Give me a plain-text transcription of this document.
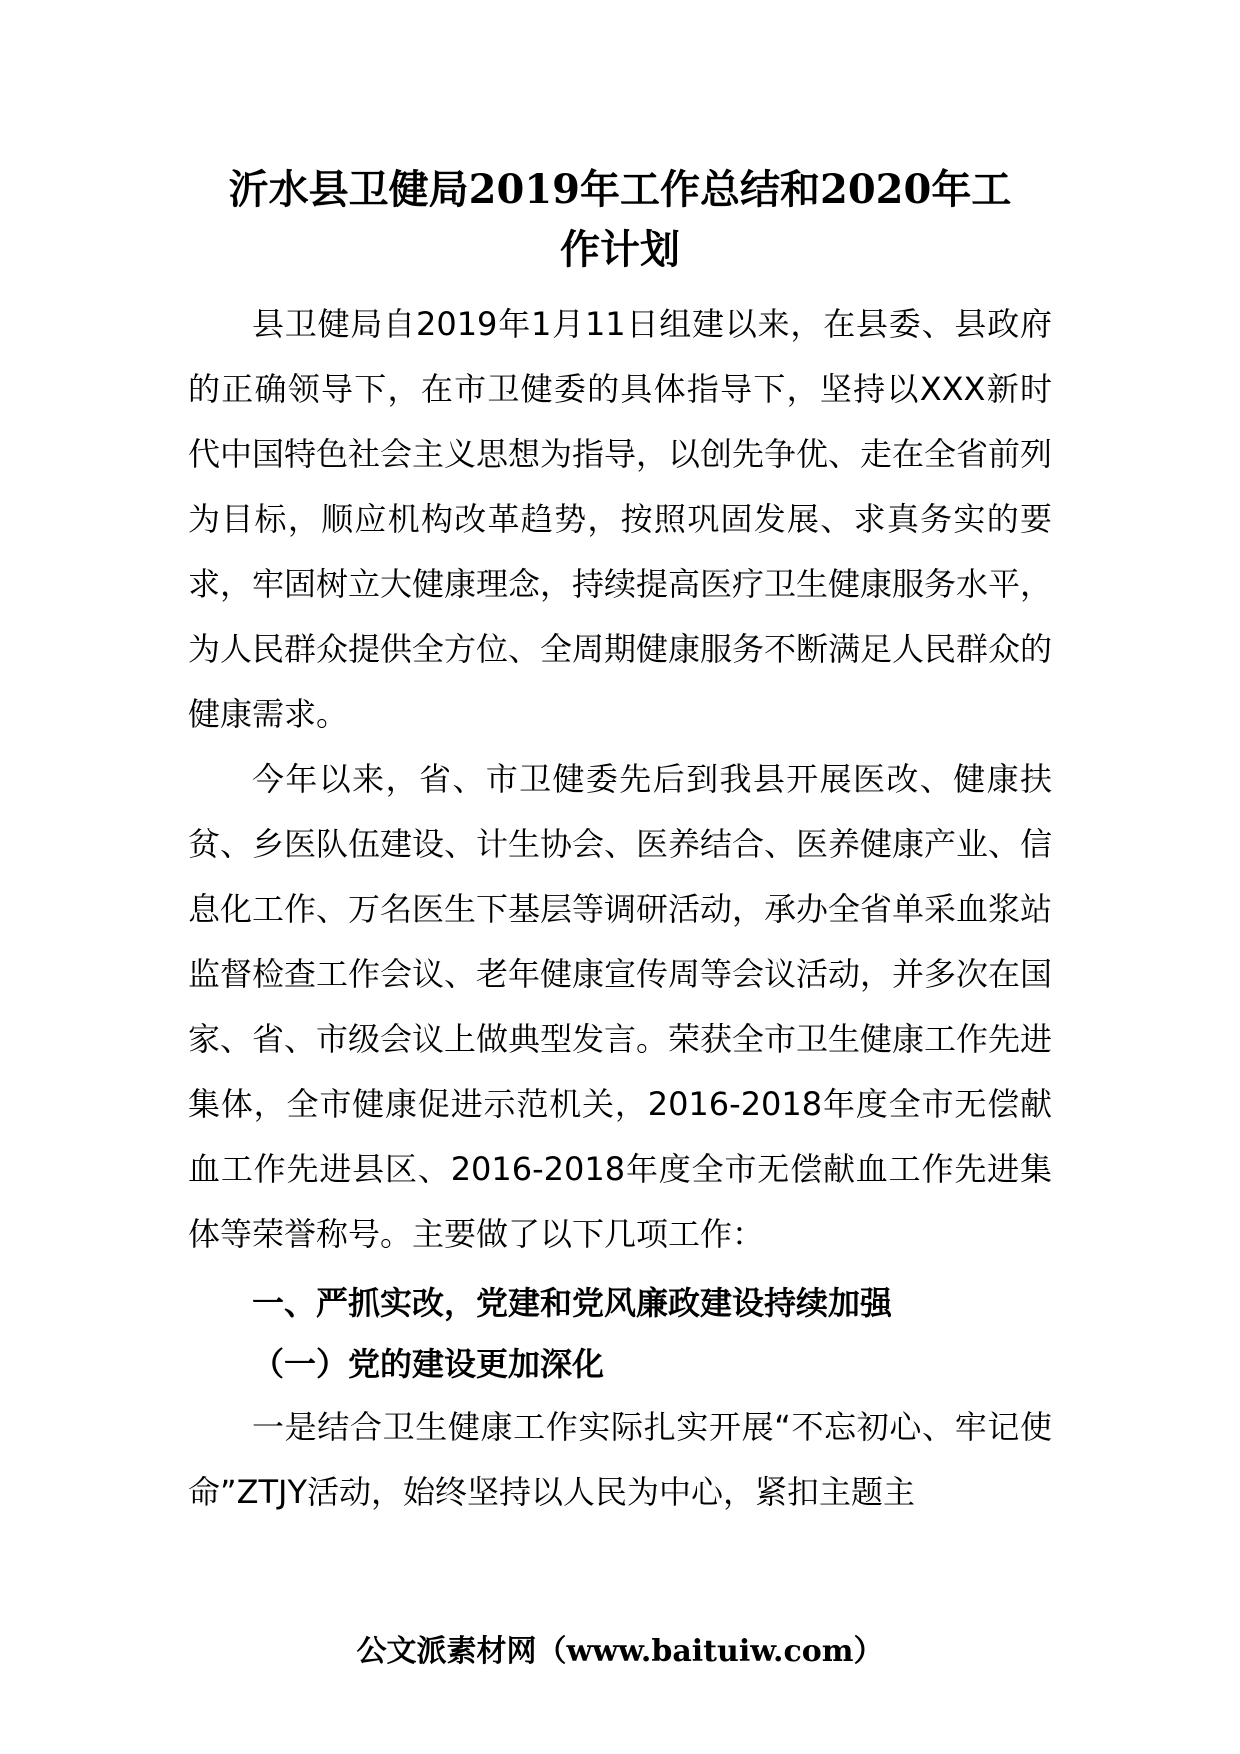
沂水县卫健局2019年工作总结和2020年工
作计划

县卫健局自2019年1月11日组建以来，在县委、县政府的正确领导下，在市卫健委的具体指导下，坚持以XXX新时代中国特色社会主义思想为指导，以创先争优、走在全省前列为目标，顺应机构改革趋势，按照巩固发展、求真务实的要求，牢固树立大健康理念，持续提高医疗卫生健康服务水平，为人民群众提供全方位、全周期健康服务不断满足人民群众的健康需求。

今年以来，省、市卫健委先后到我县开展医改、健康扶贫、乡医队伍建设、计生协会、医养结合、医养健康产业、信息化工作、万名医生下基层等调研活动，承办全省单采血浆站监督检查工作会议、老年健康宣传周等会议活动，并多次在国家、省、市级会议上做典型发言。荣获全市卫生健康工作先进集体，全市健康促进示范机关，2016-2018年度全市无偿献血工作先进县区、2016-2018年度全市无偿献血工作先进集体等荣誉称号。主要做了以下几项工作：

一、严抓实改，党建和党风廉政建设持续加强

（一）党的建设更加深化

一是结合卫生健康工作实际扎实开展“不忘初心、牢记使命”ZTJY活动，始终坚持以人民为中心，紧扣主题主

公文派素材网（www.baituiw.com）
